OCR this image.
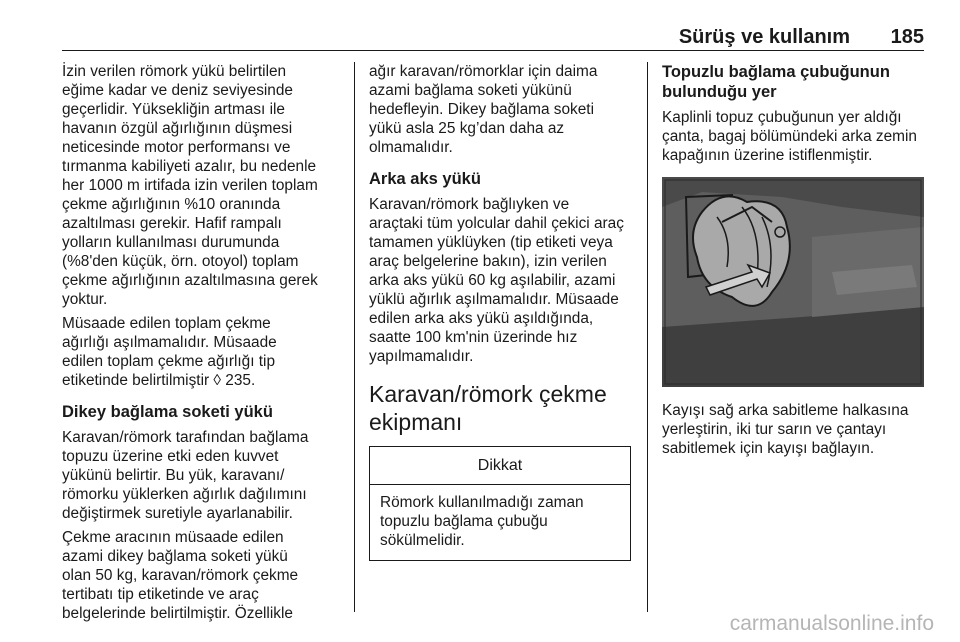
Sürüş ve kullanım 185

İzin verilen römork yükü belirtilen
eğime kadar ve deniz seviyesinde
geçerlidir. Yüksekliğin artması ile
havanın özgül ağırlığının düşmesi
neticesinde motor performansı ve
tırmanma kabiliyeti azalır, bu nedenle
her 1000 m irtifada izin verilen toplam
çekme ağırlığının %10 oranında
azaltılması gerekir. Hafif rampalı
yolların kullanılması durumunda
(%8'den küçük, örn. otoyol) toplam
çekme ağırlığının azaltılmasına gerek
yoktur.

Müsaade edilen toplam çekme
ağırlığı aşılmamalıdır. Müsaade
edilen toplam çekme ağırlığı tip
etiketinde belirtilmiştir ◊ 235.

Dikey bağlama soketi yükü

Karavan/römork tarafından bağlama
topuzu üzerine etki eden kuvvet
yükünü belirtir. Bu yük, karavanı/
römorku yüklerken ağırlık dağılımını
değiştirmek suretiyle ayarlanabilir.

Çekme aracının müsaade edilen
azami dikey bağlama soketi yükü
olan 50 kg, karavan/römork çekme
tertibatı tip etiketinde ve araç
belgelerinde belirtilmiştir. Özellikle

ağır karavan/römorklar için daima
azami bağlama soketi yükünü
hedefleyin. Dikey bağlama soketi
yükü asla 25 kg’dan daha az
olmamalıdır.

Arka aks yükü

Karavan/römork bağlıyken ve
araçtaki tüm yolcular dahil çekici araç
tamamen yüklüyken (tip etiketi veya
araç belgelerine bakın), izin verilen
arka aks yükü 60 kg aşılabilir, azami
yüklü ağırlık aşılmamalıdır. Müsaade
edilen arka aks yükü aşıldığında,
saatte 100 km'nin üzerinde hız
yapılmamalıdır.

Karavan/römork çekme
ekipmanı
Dikkat
Römork kullanılmadığı zaman
topuzlu bağlama çubuğu
sökülmelidir.
Topuzlu bağlama çubuğunun
bulunduğu yer

Kaplinli topuz çubuğunun yer aldığı
çanta, bagaj bölümündeki arka zemin
kapağının üzerine istiflenmiştir.

Kayışı sağ arka sabitleme halkasına
yerleştirin, iki tur sarın ve çantayı
sabitlemek için kayışı bağlayın.

carmanualsonline.info
